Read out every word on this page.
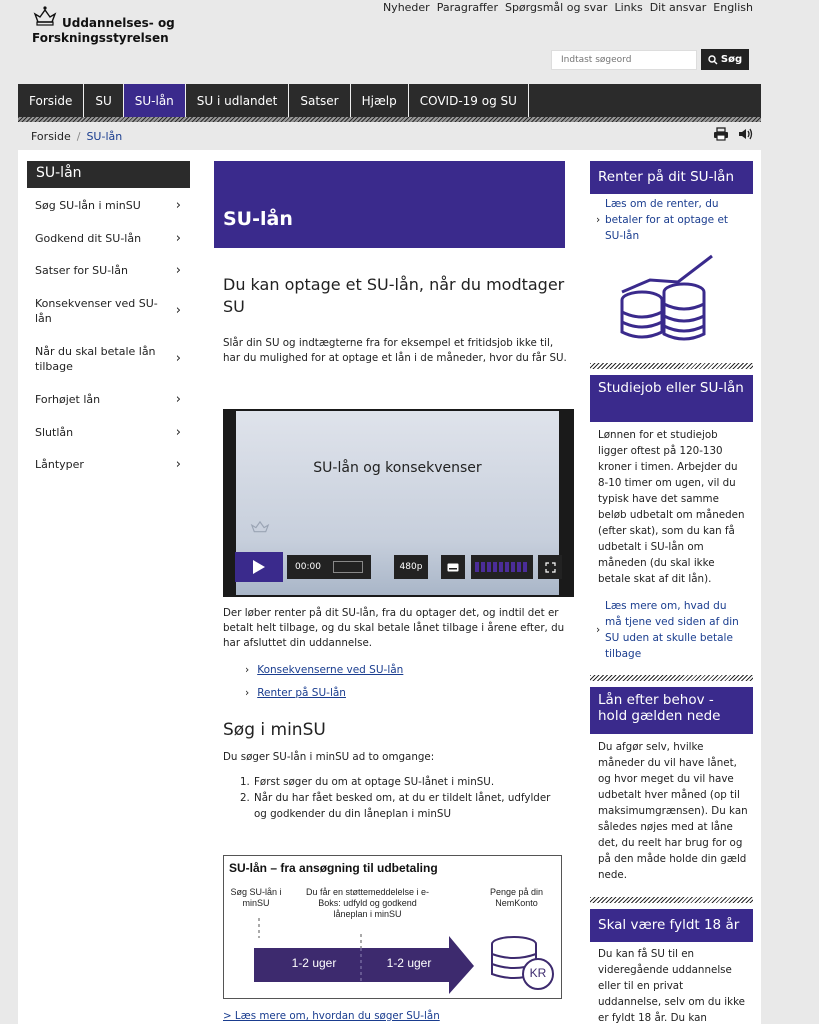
Uddannelses- og
Forskningsstyrelsen
Nyheder Paragraffer Spørgsmål og svar Links Dit ansvar English
Indtast søgeord
Søg
Forside	SU	SU-lån	SU i udlandet	Satser	Hjælp	COVID-19 og SU
Forside / SU-lån
SU-lån
Søg SU-lån i minSU	›
Godkend dit SU-lån	›
Satser for SU-lån	›
Konsekvenser ved SU-lån	›
Når du skal betale lån tilbage	›
Forhøjet lån	›
Slutlån	›
Låntyper	›
SU-lån
Du kan optage et SU-lån, når du modtager SU
Slår din SU og indtægterne fra for eksempel et fritidsjob ikke til, har du mulighed for at optage et lån i de måneder, hvor du får SU.
SU-lån og konsekvenser
00:00	480p
Der løber renter på dit SU-lån, fra du optager det, og indtil det er betalt helt tilbage, og du skal betale lånet tilbage i årene efter, du har afsluttet din uddannelse.
› Konsekvenserne ved SU-lån
› Renter på SU-lån
Søg i minSU
Du søger SU-lån i minSU ad to omgange:
1. Først søger du om at optage SU-lånet i minSU.
2. Når du har fået besked om, at du er tildelt lånet, udfylder og godkender du din låneplan i minSU
SU-lån – fra ansøgning til udbetaling
Søg SU-lån i minSU
Du får en støttemeddelelse i e-Boks: udfyld og godkend låneplan i minSU
Penge på din NemKonto
1-2 uger	1-2 uger
KR
> Læs mere om, hvordan du søger SU-lån
Renter på dit SU-lån
›
Læs om de renter, du betaler for at optage et SU-lån
Studiejob eller SU-lån
Lønnen for et studiejob ligger oftest på 120-130 kroner i timen. Arbejder du 8-10 timer om ugen, vil du typisk have det samme beløb udbetalt om måneden (efter skat), som du kan få udbetalt i SU-lån om måneden (du skal ikke betale skat af dit lån).
›
Læs mere om, hvad du må tjene ved siden af din SU uden at skulle betale tilbage
Lån efter behov - hold gælden nede
Du afgør selv, hvilke måneder du vil have lånet, og hvor meget du vil have udbetalt hver måned (op til maksimumgrænsen). Du kan således nøjes med at låne det, du reelt har brug for og på den måde holde din gæld nede.
Skal være fyldt 18 år
Du kan få SU til en videregående uddannelse eller til en privat uddannelse, selv om du ikke er fyldt 18 år. Du kan
